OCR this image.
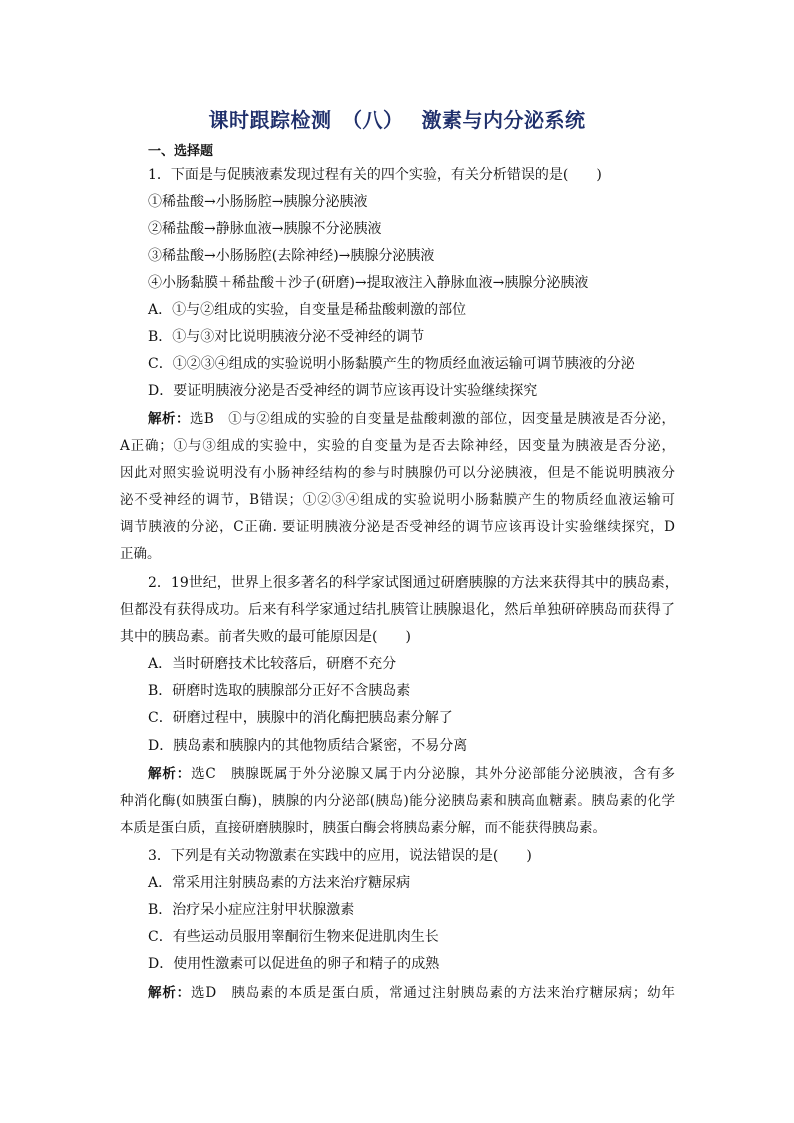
课时跟踪检测　（八）　 激素与内分泌系统
一、选择题
1．下面是与促胰液素发现过程有关的四个实验，有关分析错误的是(　　)
①稀盐酸→小肠肠腔→胰腺分泌胰液
②稀盐酸→静脉血液→胰腺不分泌胰液
③稀盐酸→小肠肠腔(去除神经)→胰腺分泌胰液
④小肠黏膜＋稀盐酸＋沙子(研磨)→提取液注入静脉血液→胰腺分泌胰液
A．①与②组成的实验，自变量是稀盐酸刺激的部位
B．①与③对比说明胰液分泌不受神经的调节
C．①②③④组成的实验说明小肠黏膜产生的物质经血液运输可调节胰液的分泌
D．要证明胰液分泌是否受神经的调节应该再设计实验继续探究
解析：选B　①与②组成的实验的自变量是盐酸刺激的部位，因变量是胰液是否分泌，
A正确；①与③组成的实验中，实验的自变量为是否去除神经，因变量为胰液是否分泌，
因此对照实验说明没有小肠神经结构的参与时胰腺仍可以分泌胰液，但是不能说明胰液分
泌不受神经的调节，B错误；①②③④组成的实验说明小肠黏膜产生的物质经血液运输可
调节胰液的分泌，C正确. 要证明胰液分泌是否受神经的调节应该再设计实验继续探究，D
正确。
2．19世纪，世界上很多著名的科学家试图通过研磨胰腺的方法来获得其中的胰岛素，
但都没有获得成功。后来有科学家通过结扎胰管让胰腺退化，然后单独研碎胰岛而获得了
其中的胰岛素。前者失败的最可能原因是(　　)
A．当时研磨技术比较落后，研磨不充分
B．研磨时选取的胰腺部分正好不含胰岛素
C．研磨过程中，胰腺中的消化酶把胰岛素分解了
D．胰岛素和胰腺内的其他物质结合紧密，不易分离
解析：选C　胰腺既属于外分泌腺又属于内分泌腺，其外分泌部能分泌胰液，含有多
种消化酶(如胰蛋白酶)，胰腺的内分泌部(胰岛)能分泌胰岛素和胰高血糖素。胰岛素的化学
本质是蛋白质，直接研磨胰腺时，胰蛋白酶会将胰岛素分解，而不能获得胰岛素。
3．下列是有关动物激素在实践中的应用，说法错误的是(　　)
A．常采用注射胰岛素的方法来治疗糖尿病
B．治疗呆小症应注射甲状腺激素
C．有些运动员服用睾酮衍生物来促进肌肉生长
D．使用性激素可以促进鱼的卵子和精子的成熟
解析：选D　胰岛素的本质是蛋白质，常通过注射胰岛素的方法来治疗糖尿病；幼年
